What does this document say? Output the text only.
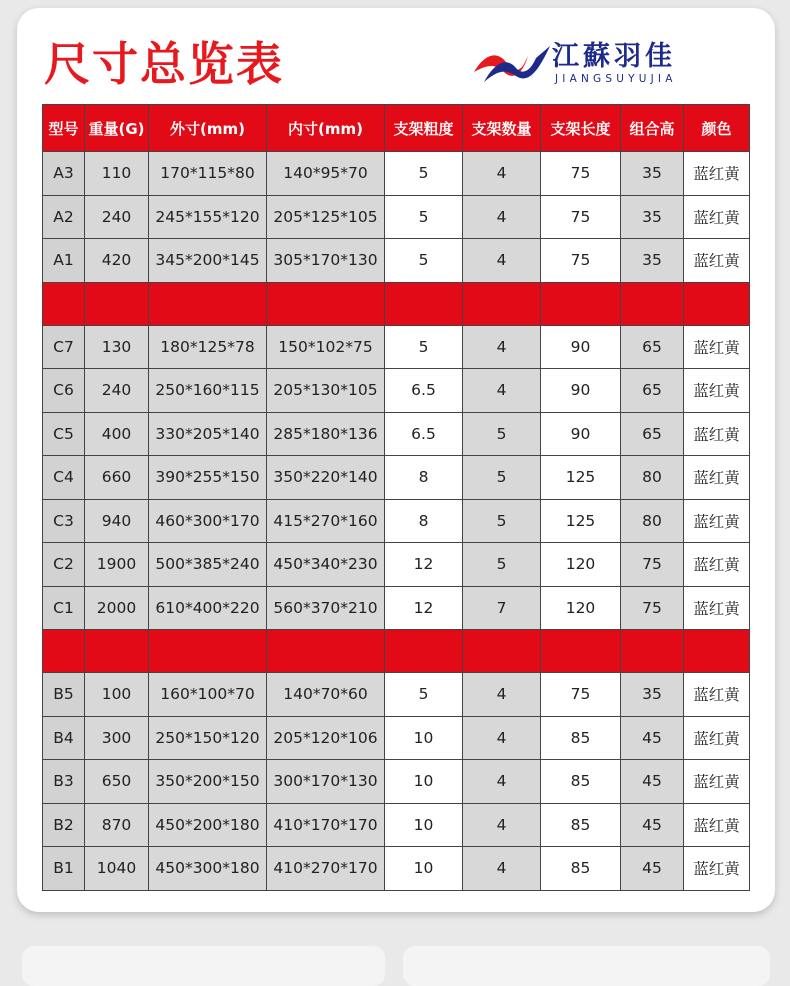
尺寸总览表	江蘇羽佳
JIANGSUYUJIA
型号	重量(G)	外寸(mm)	内寸(mm)	支架粗度	支架数量	支架长度	组合高	颜色
A3	110	170*115*80	140*95*70	5	4	75	35	蓝红黄
A2	240	245*155*120	205*125*105	5	4	75	35	蓝红黄
A1	420	345*200*145	305*170*130	5	4	75	35	蓝红黄

C7	130	180*125*78	150*102*75	5	4	90	65	蓝红黄
C6	240	250*160*115	205*130*105	6.5	4	90	65	蓝红黄
C5	400	330*205*140	285*180*136	6.5	5	90	65	蓝红黄
C4	660	390*255*150	350*220*140	8	5	125	80	蓝红黄
C3	940	460*300*170	415*270*160	8	5	125	80	蓝红黄
C2	1900	500*385*240	450*340*230	12	5	120	75	蓝红黄
C1	2000	610*400*220	560*370*210	12	7	120	75	蓝红黄

B5	100	160*100*70	140*70*60	5	4	75	35	蓝红黄
B4	300	250*150*120	205*120*106	10	4	85	45	蓝红黄
B3	650	350*200*150	300*170*130	10	4	85	45	蓝红黄
B2	870	450*200*180	410*170*170	10	4	85	45	蓝红黄
B1	1040	450*300*180	410*270*170	10	4	85	45	蓝红黄
